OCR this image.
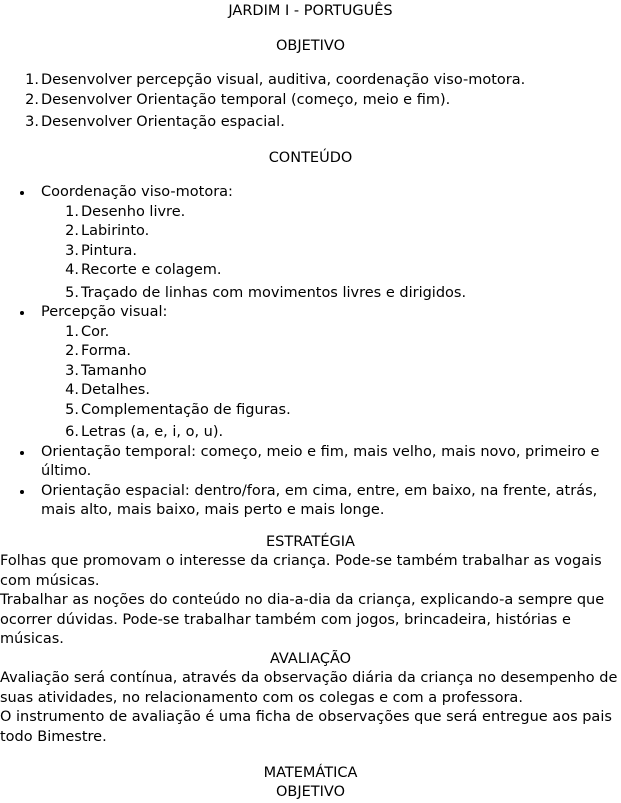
JARDIM I - PORTUGUÊS
OBJETIVO
1. Desenvolver percepção visual, auditiva, coordenação viso-motora.
2. Desenvolver Orientação temporal (começo, meio e fim).
3. Desenvolver Orientação espacial.
CONTEÚDO
Coordenação viso-motora:
1. Desenho livre.
2. Labirinto.
3. Pintura.
4. Recorte e colagem.
5. Traçado de linhas com movimentos livres e dirigidos.
Percepção visual:
1. Cor.
2. Forma.
3. Tamanho
4. Detalhes.
5. Complementação de figuras.
6. Letras (a, e, i, o, u).
Orientação temporal: começo, meio e fim, mais velho, mais novo, primeiro e último.
Orientação espacial: dentro/fora, em cima, entre, em baixo, na frente, atrás, mais alto, mais baixo, mais perto e mais longe.
ESTRATÉGIA

Folhas que promovam o interesse da criança. Pode-se também trabalhar as vogais com músicas.

Trabalhar as noções do conteúdo no dia-a-dia da criança, explicando-a sempre que ocorrer dúvidas. Pode-se trabalhar também com jogos, brincadeira, histórias e músicas.

AVALIAÇÃO

Avaliação será contínua, através da observação diária da criança no desempenho de suas atividades, no relacionamento com os colegas e com a professora.

O instrumento de avaliação é uma ficha de observações que será entregue aos pais todo Bimestre.

MATEMÁTICA
OBJETIVO
